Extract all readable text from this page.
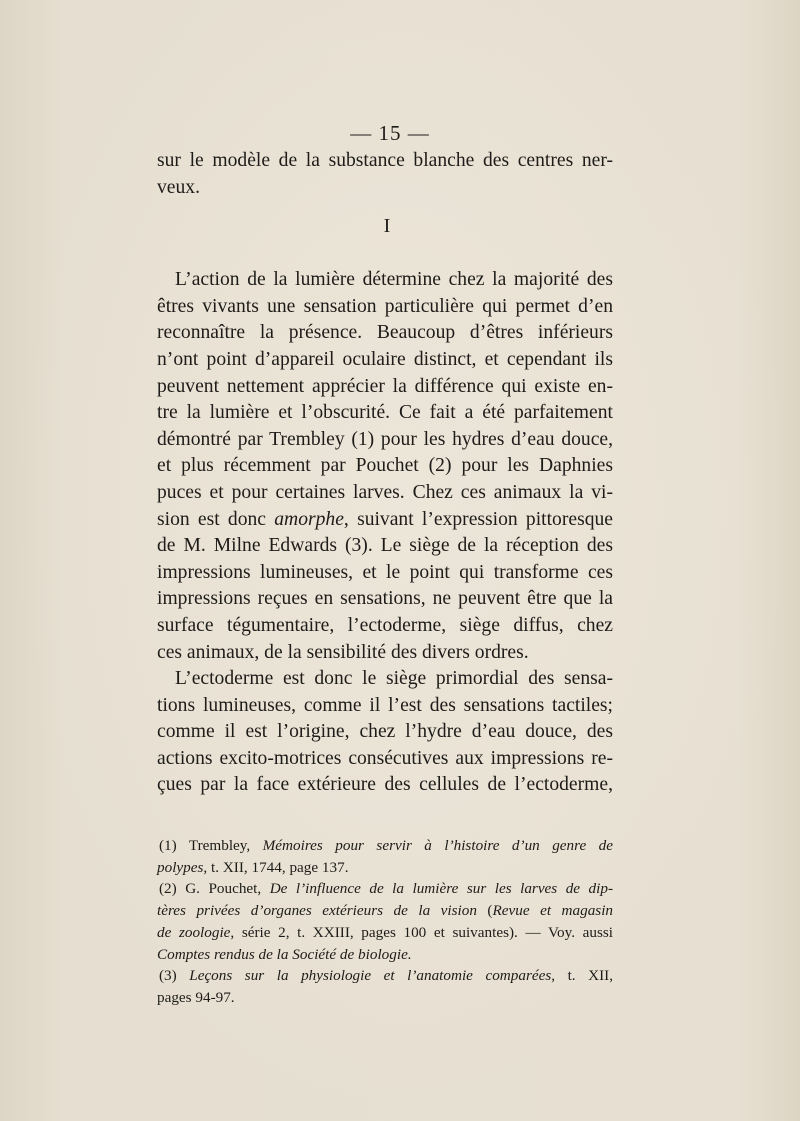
— 15 —
sur le modèle de la substance blanche des centres ner-
veux.
I
L’action de la lumière détermine chez la majorité des
êtres vivants une sensation particulière qui permet d’en
reconnaître la présence. Beaucoup d’êtres inférieurs
n’ont point d’appareil oculaire distinct, et cependant ils
peuvent nettement apprécier la différence qui existe en-
tre la lumière et l’obscurité. Ce fait a été parfaitement
démontré par Trembley (1) pour les hydres d’eau douce,
et plus récemment par Pouchet (2) pour les Daphnies
puces et pour certaines larves. Chez ces animaux la vi-
sion est donc amorphe, suivant l’expression pittoresque
de M. Milne Edwards (3). Le siège de la réception des
impressions lumineuses, et le point qui transforme ces
impressions reçues en sensations, ne peuvent être que la
surface tégumentaire, l’ectoderme, siège diffus, chez
ces animaux, de la sensibilité des divers ordres.
L’ectoderme est donc le siège primordial des sensa-
tions lumineuses, comme il l’est des sensations tactiles;
comme il est l’origine, chez l’hydre d’eau douce, des
actions excito-motrices consécutives aux impressions re-
çues par la face extérieure des cellules de l’ectoderme,
(1) Trembley, Mémoires pour servir à l’histoire d’un genre de
polypes, t. XII, 1744, page 137.
(2) G. Pouchet, De l’influence de la lumière sur les larves de dip-
tères privées d’organes extérieurs de la vision (Revue et magasin
de zoologie, série 2, t. XXIII, pages 100 et suivantes). — Voy. aussi
Comptes rendus de la Société de biologie.
(3) Leçons sur la physiologie et l’anatomie comparées, t. XII,
pages 94-97.
